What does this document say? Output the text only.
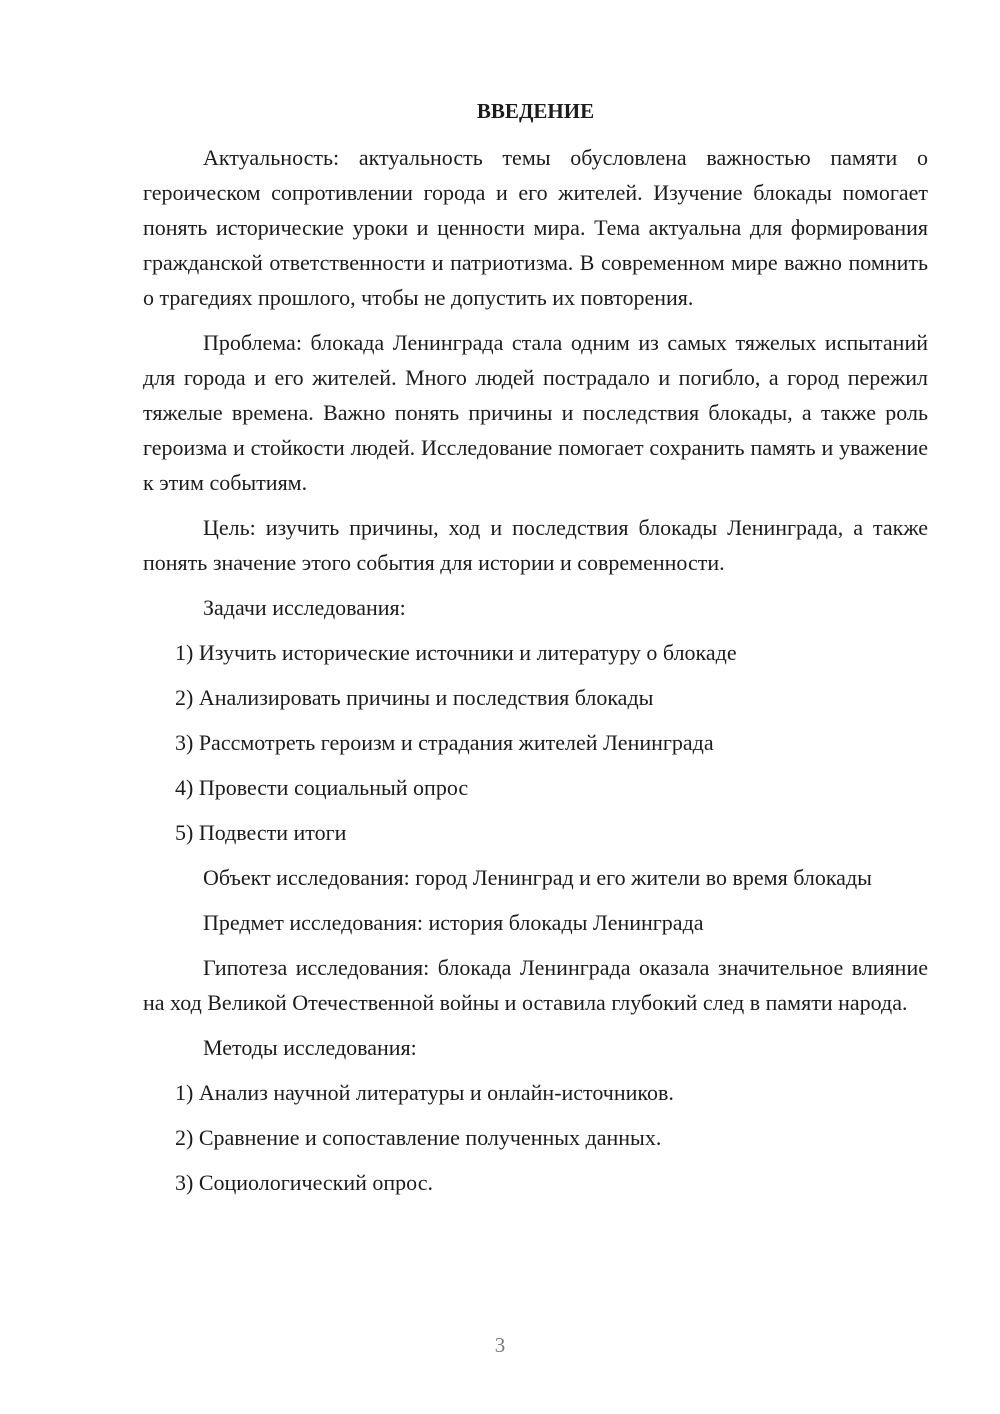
ВВЕДЕНИЕ

Актуальность: актуальность темы обусловлена важностью памяти о героическом сопротивлении города и его жителей. Изучение блокады помогает понять исторические уроки и ценности мира. Тема актуальна для формирования гражданской ответственности и патриотизма. В современном мире важно помнить о трагедиях прошлого, чтобы не допустить их повторения.

Проблема: блокада Ленинграда стала одним из самых тяжелых испытаний для города и его жителей. Много людей пострадало и погибло, а город пережил тяжелые времена. Важно понять причины и последствия блокады, а также роль героизма и стойкости людей. Исследование помогает сохранить память и уважение к этим событиям.

Цель: изучить причины, ход и последствия блокады Ленинграда, а также понять значение этого события для истории и современности.

Задачи исследования:

1) Изучить исторические источники и литературу о блокаде
2) Анализировать причины и последствия блокады
3) Рассмотреть героизм и страдания жителей Ленинграда
4) Провести социальный опрос
5) Подвести итоги

Объект исследования: город Ленинград и его жители во время блокады

Предмет исследования: история блокады Ленинграда

Гипотеза исследования: блокада Ленинграда оказала значительное влияние на ход Великой Отечественной войны и оставила глубокий след в памяти народа.

Методы исследования:

1) Анализ научной литературы и онлайн-источников.
2) Сравнение и сопоставление полученных данных.
3) Социологический опрос.
3
